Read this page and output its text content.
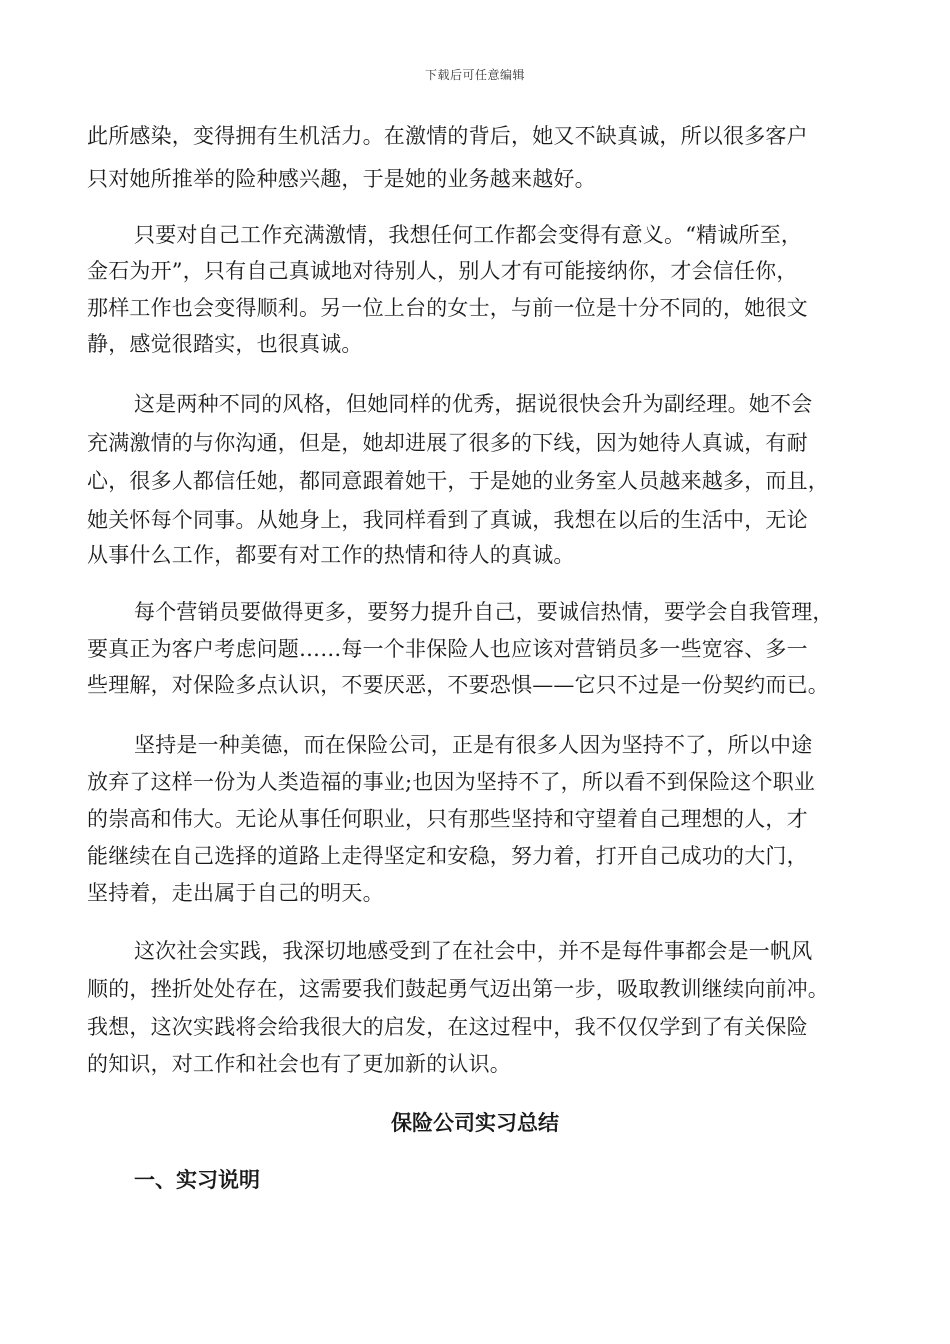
下载后可任意编辑
此所感染，变得拥有生机活力。在激情的背后，她又不缺真诚，所以很多客户
只对她所推举的险种感兴趣，于是她的业务越来越好。
只要对自己工作充满激情，我想任何工作都会变得有意义。“精诚所至，
金石为开”，只有自己真诚地对待别人，别人才有可能接纳你，才会信任你，
那样工作也会变得顺利。另一位上台的女士，与前一位是十分不同的，她很文
静，感觉很踏实，也很真诚。
这是两种不同的风格，但她同样的优秀，据说很快会升为副经理。她不会
充满激情的与你沟通，但是，她却进展了很多的下线，因为她待人真诚，有耐
心，很多人都信任她，都同意跟着她干，于是她的业务室人员越来越多，而且，
她关怀每个同事。从她身上，我同样看到了真诚，我想在以后的生活中，无论
从事什么工作，都要有对工作的热情和待人的真诚。
每个营销员要做得更多，要努力提升自己，要诚信热情，要学会自我管理，
要真正为客户考虑问题……每一个非保险人也应该对营销员多一些宽容、多一
些理解，对保险多点认识，不要厌恶，不要恐惧——它只不过是一份契约而已。
坚持是一种美德，而在保险公司，正是有很多人因为坚持不了，所以中途
放弃了这样一份为人类造福的事业;也因为坚持不了，所以看不到保险这个职业
的崇高和伟大。无论从事任何职业，只有那些坚持和守望着自己理想的人，才
能继续在自己选择的道路上走得坚定和安稳，努力着，打开自己成功的大门，
坚持着，走出属于自己的明天。
这次社会实践，我深切地感受到了在社会中，并不是每件事都会是一帆风
顺的，挫折处处存在，这需要我们鼓起勇气迈出第一步，吸取教训继续向前冲。
我想，这次实践将会给我很大的启发，在这过程中，我不仅仅学到了有关保险
的知识，对工作和社会也有了更加新的认识。
保险公司实习总结
一、实习说明
